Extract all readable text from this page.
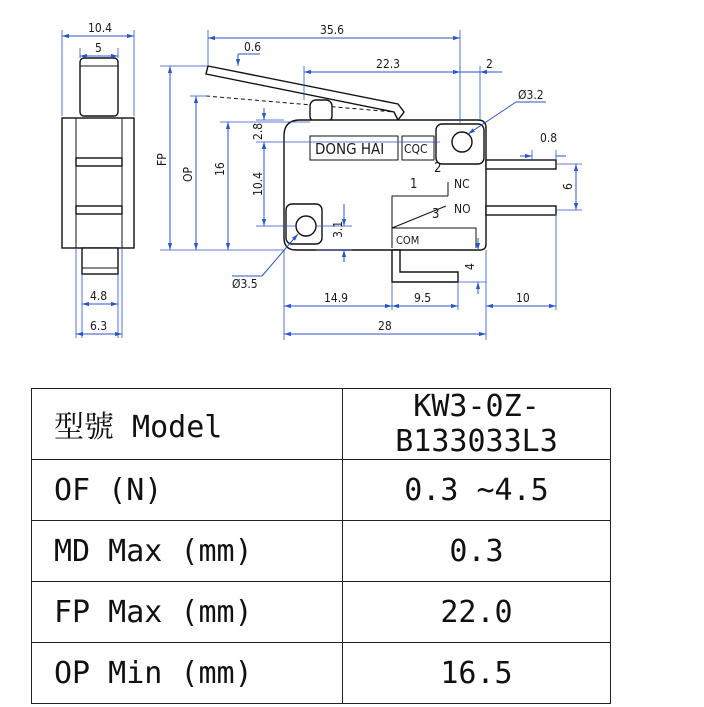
10.4
5
4.8
6.3
DONG HAI CQC
1
2
3
NC
NO
COM
35.6
0.6
22.3	2
Ø3.2
0.8
6
FP
OP 16
2.8
10.4
3.1
4
Ø3.5
14.9	9.5	10
28
型號 Model	KW3-0Z-B133033L3
OF (N)	0.3 ~4.5
MD Max (mm)	0.3
FP Max (mm)	22.0
OP Min (mm)	16.5
